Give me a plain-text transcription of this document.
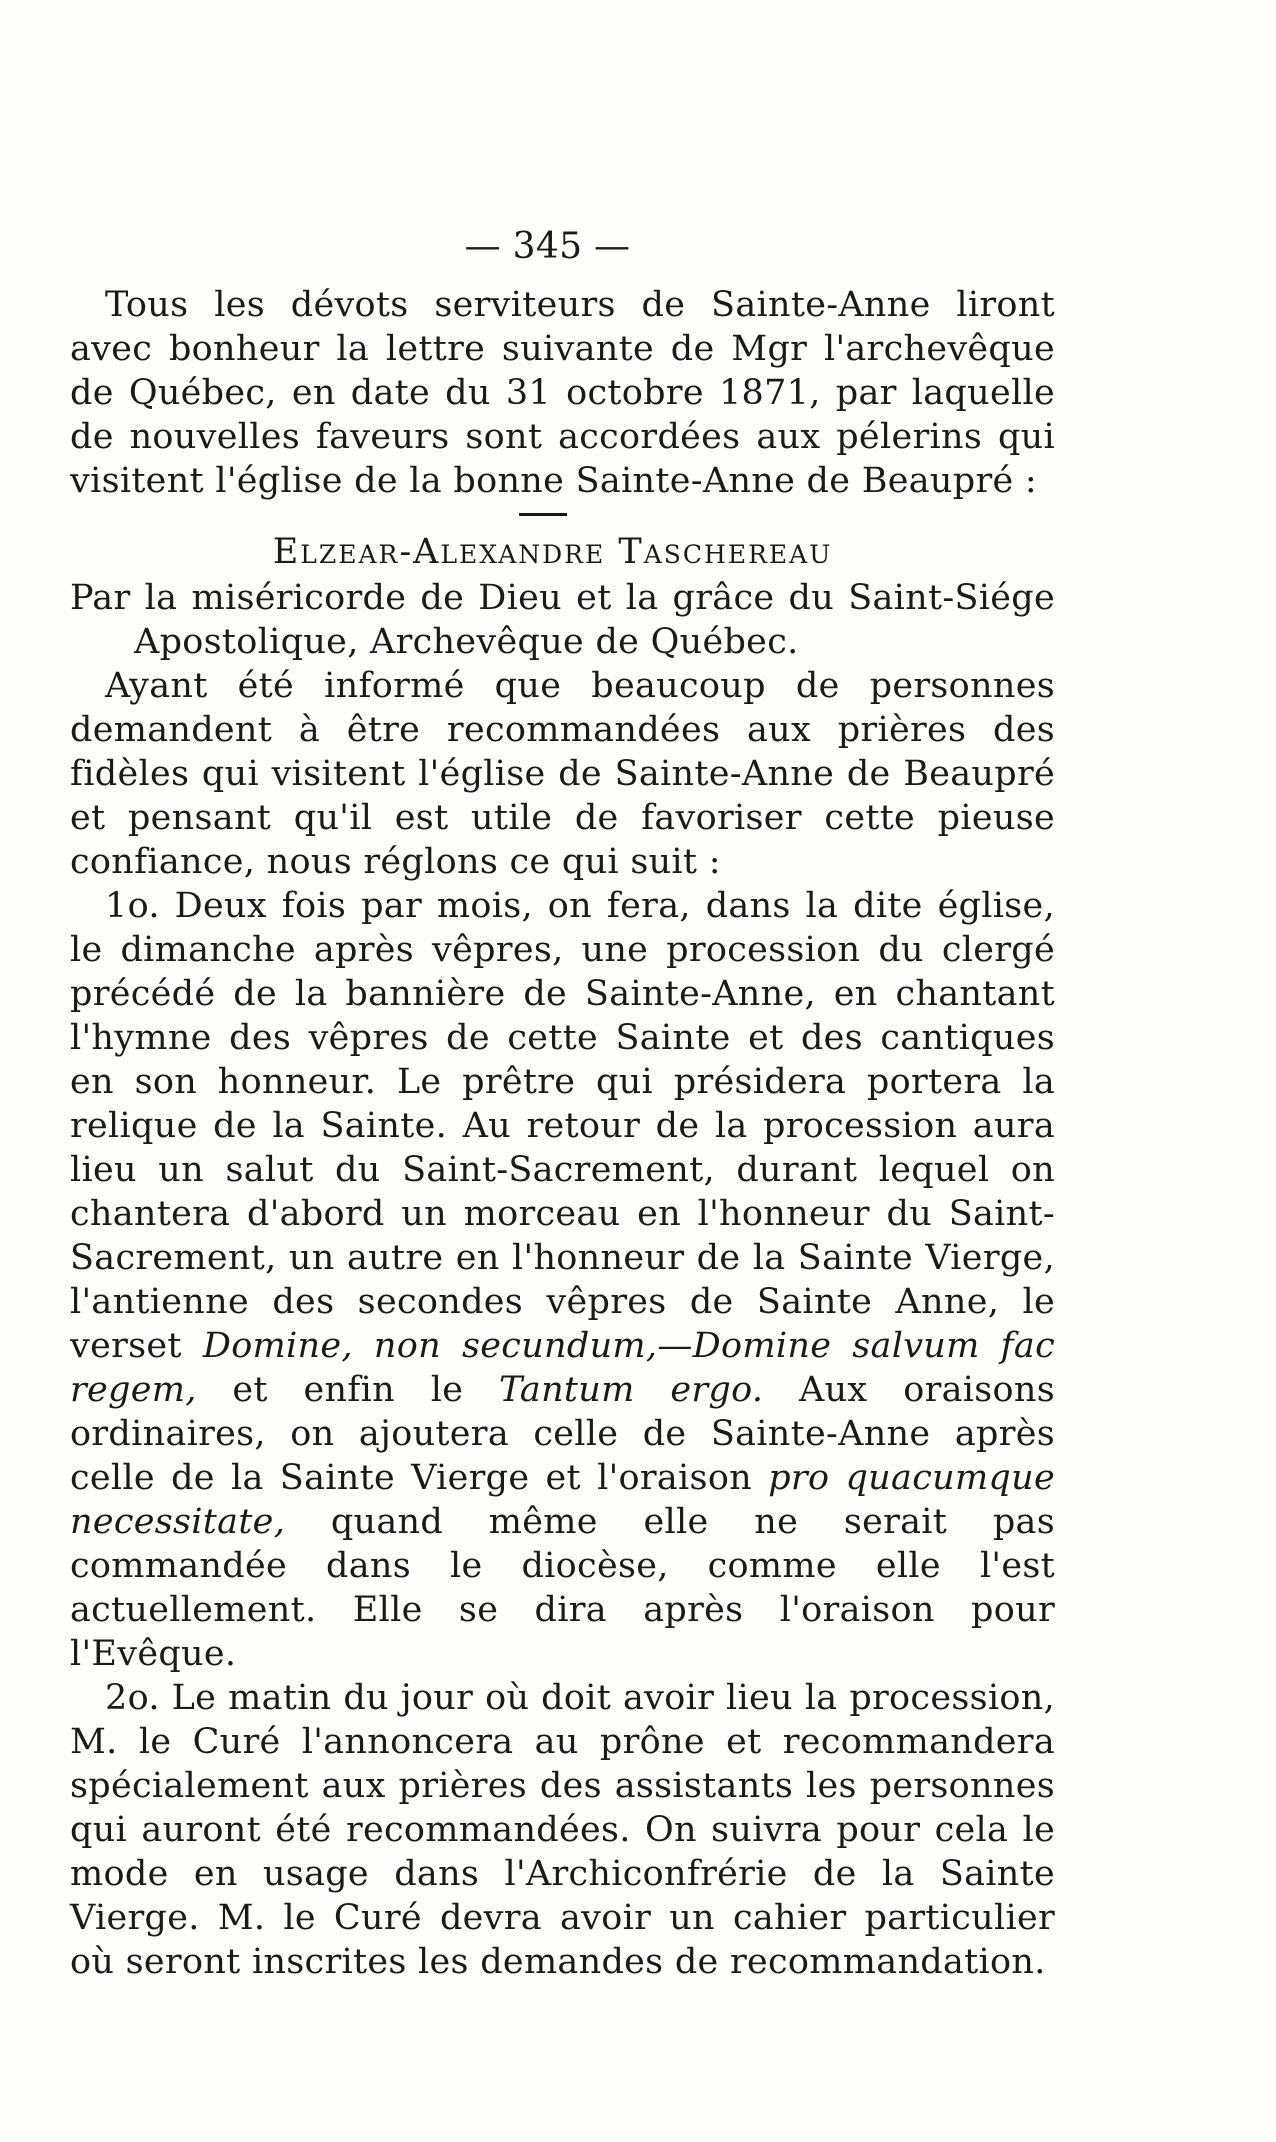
— 345 —

Tous les dévots serviteurs de Sainte-Anne liront avec bonheur la lettre suivante de Mgr l'archevêque de Québec, en date du 31 octobre 1871, par laquelle de nouvelles faveurs sont accordées aux pélerins qui visitent l'église de la bonne Sainte-Anne de Beaupré :

Elzear-Alexandre Taschereau

Par la miséricorde de Dieu et la grâce du Saint-Siége Apostolique, Archevêque de Québec.

Ayant été informé que beaucoup de personnes demandent à être recommandées aux prières des fidèles qui visitent l'église de Sainte-Anne de Beaupré et pensant qu'il est utile de favoriser cette pieuse confiance, nous réglons ce qui suit :

1o. Deux fois par mois, on fera, dans la dite église, le dimanche après vêpres, une procession du clergé précédé de la bannière de Sainte-Anne, en chantant l'hymne des vêpres de cette Sainte et des cantiques en son honneur. Le prêtre qui présidera portera la relique de la Sainte. Au retour de la procession aura lieu un salut du Saint-Sacrement, durant lequel on chantera d'abord un morceau en l'honneur du Saint-Sacrement, un autre en l'honneur de la Sainte Vierge, l'antienne des secondes vêpres de Sainte Anne, le verset Domine, non secundum,—Domine salvum fac regem, et enfin le Tantum ergo. Aux oraisons ordinaires, on ajoutera celle de Sainte-Anne après celle de la Sainte Vierge et l'oraison pro quacumque necessitate, quand même elle ne serait pas commandée dans le diocèse, comme elle l'est actuellement. Elle se dira après l'oraison pour l'Evêque.

2o. Le matin du jour où doit avoir lieu la procession, M. le Curé l'annoncera au prône et recommandera spécialement aux prières des assistants les personnes qui auront été recommandées. On suivra pour cela le mode en usage dans l'Archiconfrérie de la Sainte Vierge. M. le Curé devra avoir un cahier particulier où seront inscrites les demandes de recommandation.
